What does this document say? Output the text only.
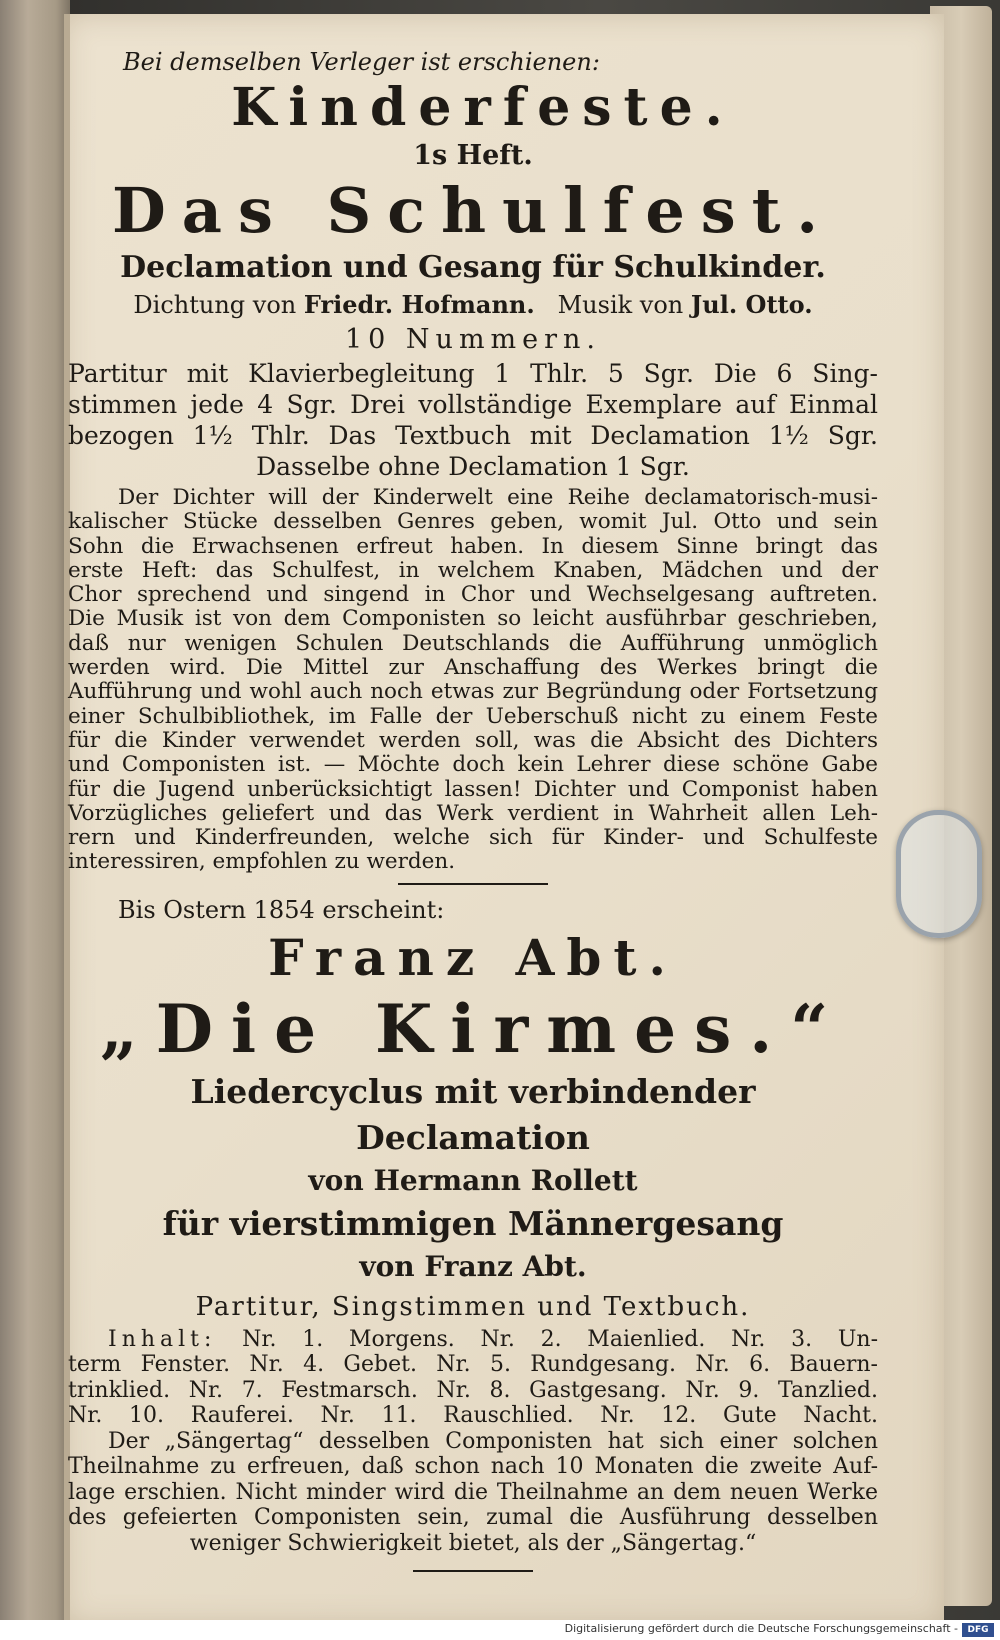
Bei demselben Verleger ist erschienen:

Kinderfeste.

1s Heft.

Das Schulfest.

Declamation und Gesang für Schulkinder.

Dichtung von Friedr. Hofmann. Musik von Jul. Otto.

10 Nummern.

Partitur mit Klavierbegleitung 1 Thlr. 5 Sgr. Die 6 Sing-

stimmen jede 4 Sgr. Drei vollständige Exemplare auf Einmal

bezogen 1½ Thlr. Das Textbuch mit Declamation 1½ Sgr.

Dasselbe ohne Declamation 1 Sgr.

Der Dichter will der Kinderwelt eine Reihe declamatorisch-musi-

kalischer Stücke desselben Genres geben, womit Jul. Otto und sein

Sohn die Erwachsenen erfreut haben. In diesem Sinne bringt das

erste Heft: das Schulfest, in welchem Knaben, Mädchen und der

Chor sprechend und singend in Chor und Wechselgesang auftreten.

Die Musik ist von dem Componisten so leicht ausführbar geschrieben,

daß nur wenigen Schulen Deutschlands die Aufführung unmöglich

werden wird. Die Mittel zur Anschaffung des Werkes bringt die

Aufführung und wohl auch noch etwas zur Begründung oder Fortsetzung

einer Schulbibliothek, im Falle der Ueberschuß nicht zu einem Feste

für die Kinder verwendet werden soll, was die Absicht des Dichters

und Componisten ist. — Möchte doch kein Lehrer diese schöne Gabe

für die Jugend unberücksichtigt lassen! Dichter und Componist haben

Vorzügliches geliefert und das Werk verdient in Wahrheit allen Leh-

rern und Kinderfreunden, welche sich für Kinder- und Schulfeste

interessiren, empfohlen zu werden.

Bis Ostern 1854 erscheint:

Franz Abt.

„Die Kirmes.“

Liedercyclus mit verbindender Declamation

von Hermann Rollett

für vierstimmigen Männergesang

von Franz Abt.

Partitur, Singstimmen und Textbuch.

Inhalt: Nr. 1. Morgens. Nr. 2. Maienlied. Nr. 3. Un-

term Fenster. Nr. 4. Gebet. Nr. 5. Rundgesang. Nr. 6. Bauern-

trinklied. Nr. 7. Festmarsch. Nr. 8. Gastgesang. Nr. 9. Tanzlied.

Nr. 10. Rauferei. Nr. 11. Rauschlied. Nr. 12. Gute Nacht.

Der „Sängertag“ desselben Componisten hat sich einer solchen

Theilnahme zu erfreuen, daß schon nach 10 Monaten die zweite Auf-

lage erschien. Nicht minder wird die Theilnahme an dem neuen Werke

des gefeierten Componisten sein, zumal die Ausführung desselben

weniger Schwierigkeit bietet, als der „Sängertag.“

Digitalisierung gefördert durch die Deutsche Forschungsgemeinschaft -	DFG
